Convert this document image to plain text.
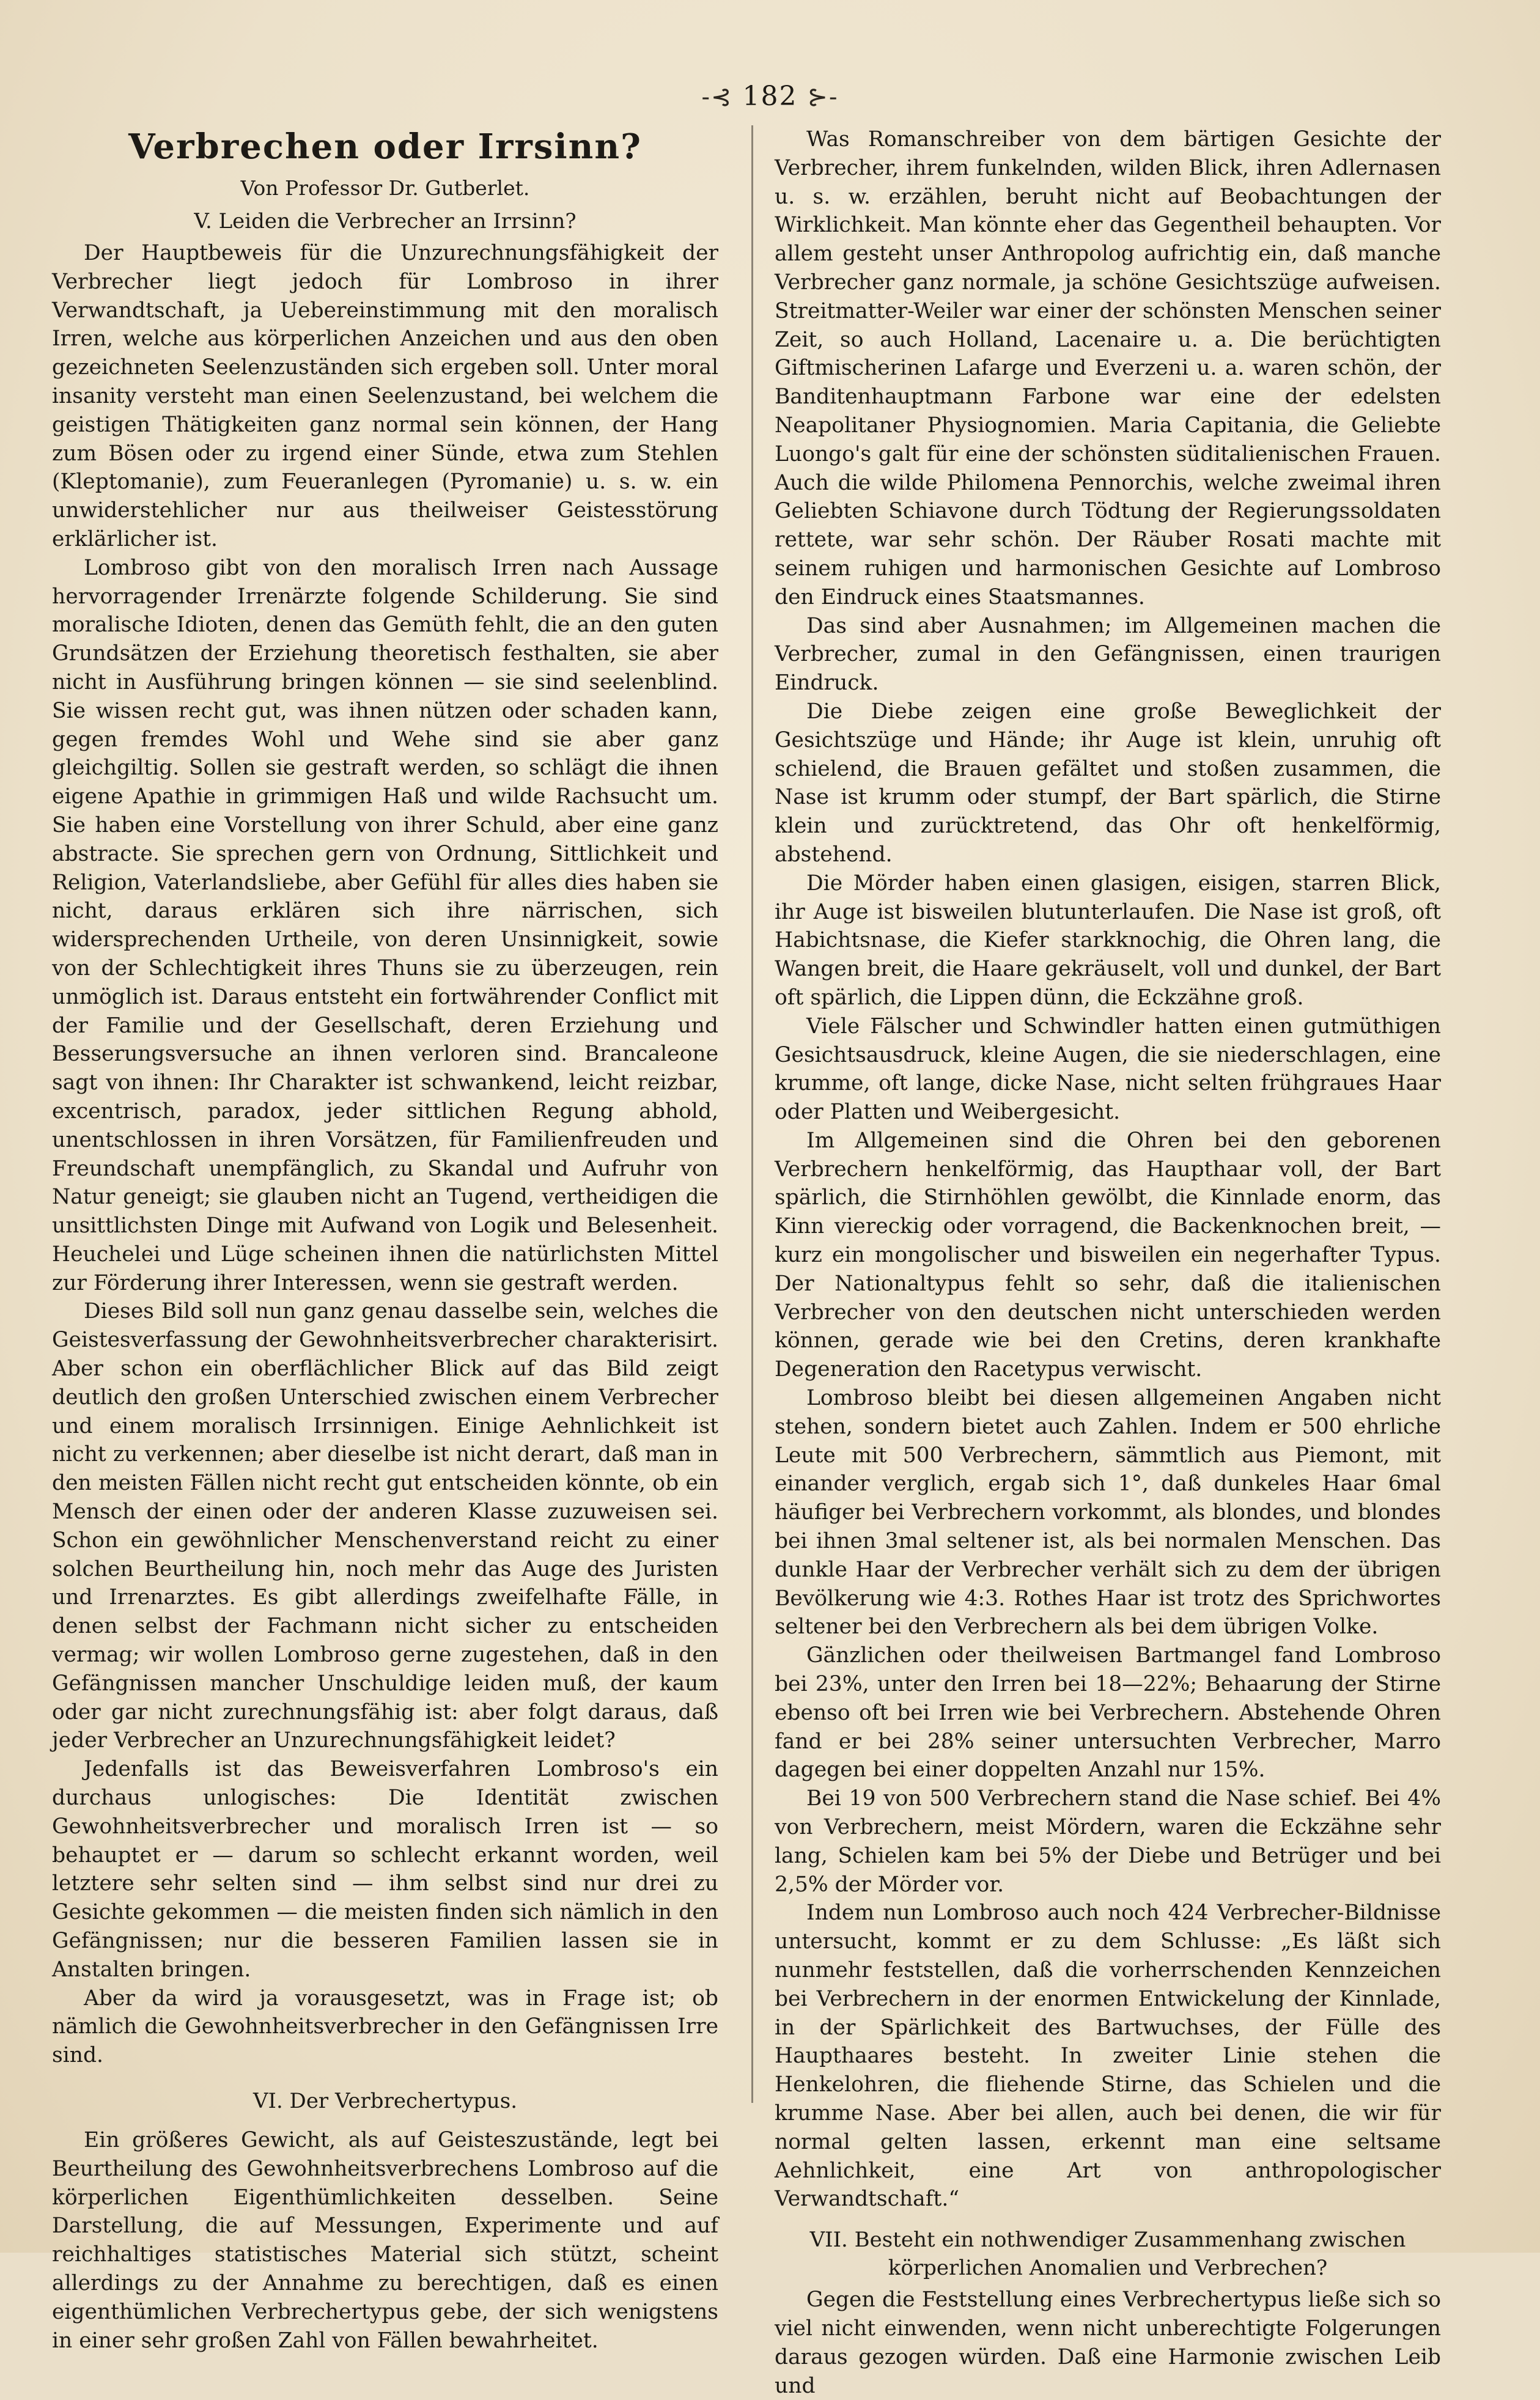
-⊰ 182 ⊱-
Verbrechen oder Irrsinn?
Von Professor Dr. Gutberlet.
V. Leiden die Verbrecher an Irrsinn?

Der Hauptbeweis für die Unzurechnungsfähigkeit der Verbrecher liegt jedoch für Lombroso in ihrer Verwandtschaft, ja Uebereinstimmung mit den moralisch Irren, welche aus körperlichen Anzeichen und aus den oben gezeichneten Seelenzuständen sich ergeben soll. Unter moral insanity versteht man einen Seelenzustand, bei welchem die geistigen Thätigkeiten ganz normal sein können, der Hang zum Bösen oder zu irgend einer Sünde, etwa zum Stehlen (Kleptomanie), zum Feueranlegen (Pyromanie) u. s. w. ein unwiderstehlicher nur aus theilweiser Geistesstörung erklärlicher ist.

Lombroso gibt von den moralisch Irren nach Aussage hervorragender Irrenärzte folgende Schilderung. Sie sind moralische Idioten, denen das Gemüth fehlt, die an den guten Grundsätzen der Erziehung theoretisch festhalten, sie aber nicht in Ausführung bringen können — sie sind seelenblind. Sie wissen recht gut, was ihnen nützen oder schaden kann, gegen fremdes Wohl und Wehe sind sie aber ganz gleichgiltig. Sollen sie gestraft werden, so schlägt die ihnen eigene Apathie in grimmigen Haß und wilde Rachsucht um. Sie haben eine Vorstellung von ihrer Schuld, aber eine ganz abstracte. Sie sprechen gern von Ordnung, Sittlichkeit und Religion, Vaterlandsliebe, aber Gefühl für alles dies haben sie nicht, daraus erklären sich ihre närrischen, sich widersprechenden Urtheile, von deren Unsinnigkeit, sowie von der Schlechtigkeit ihres Thuns sie zu überzeugen, rein unmöglich ist. Daraus entsteht ein fortwährender Conflict mit der Familie und der Gesellschaft, deren Erziehung und Besserungsversuche an ihnen verloren sind. Brancaleone sagt von ihnen: Ihr Charakter ist schwankend, leicht reizbar, excentrisch, paradox, jeder sittlichen Regung abhold, unentschlossen in ihren Vorsätzen, für Familienfreuden und Freundschaft unempfänglich, zu Skandal und Aufruhr von Natur geneigt; sie glauben nicht an Tugend, vertheidigen die unsittlichsten Dinge mit Aufwand von Logik und Belesenheit. Heuchelei und Lüge scheinen ihnen die natürlichsten Mittel zur Förderung ihrer Interessen, wenn sie gestraft werden.

Dieses Bild soll nun ganz genau dasselbe sein, welches die Geistesverfassung der Gewohnheitsverbrecher charakterisirt. Aber schon ein oberflächlicher Blick auf das Bild zeigt deutlich den großen Unterschied zwischen einem Verbrecher und einem moralisch Irrsinnigen. Einige Aehnlichkeit ist nicht zu verkennen; aber dieselbe ist nicht derart, daß man in den meisten Fällen nicht recht gut entscheiden könnte, ob ein Mensch der einen oder der anderen Klasse zuzuweisen sei. Schon ein gewöhnlicher Menschenverstand reicht zu einer solchen Beurtheilung hin, noch mehr das Auge des Juristen und Irrenarztes. Es gibt allerdings zweifelhafte Fälle, in denen selbst der Fachmann nicht sicher zu entscheiden vermag; wir wollen Lombroso gerne zugestehen, daß in den Gefängnissen mancher Unschuldige leiden muß, der kaum oder gar nicht zurechnungsfähig ist: aber folgt daraus, daß jeder Verbrecher an Unzurechnungsfähigkeit leidet?

Jedenfalls ist das Beweisverfahren Lombroso's ein durchaus unlogisches: Die Identität zwischen Gewohnheitsverbrecher und moralisch Irren ist — so behauptet er — darum so schlecht erkannt worden, weil letztere sehr selten sind — ihm selbst sind nur drei zu Gesichte gekommen — die meisten finden sich nämlich in den Gefängnissen; nur die besseren Familien lassen sie in Anstalten bringen.

Aber da wird ja vorausgesetzt, was in Frage ist; ob nämlich die Gewohnheitsverbrecher in den Gefängnissen Irre sind.

VI. Der Verbrechertypus.

Ein größeres Gewicht, als auf Geisteszustände, legt bei Beurtheilung des Gewohnheitsverbrechens Lombroso auf die körperlichen Eigenthümlichkeiten desselben. Seine Darstellung, die auf Messungen, Experimente und auf reichhaltiges statistisches Material sich stützt, scheint allerdings zu der Annahme zu berechtigen, daß es einen eigenthümlichen Verbrechertypus gebe, der sich wenigstens in einer sehr großen Zahl von Fällen bewahrheitet.

Was Romanschreiber von dem bärtigen Gesichte der Verbrecher, ihrem funkelnden, wilden Blick, ihren Adlernasen u. s. w. erzählen, beruht nicht auf Beobachtungen der Wirklichkeit. Man könnte eher das Gegentheil behaupten. Vor allem gesteht unser Anthropolog aufrichtig ein, daß manche Verbrecher ganz normale, ja schöne Gesichtszüge aufweisen. Streitmatter-Weiler war einer der schönsten Menschen seiner Zeit, so auch Holland, Lacenaire u. a. Die berüchtigten Giftmischerinen Lafarge und Everzeni u. a. waren schön, der Banditenhauptmann Farbone war eine der edelsten Neapolitaner Physiognomien. Maria Capitania, die Geliebte Luongo's galt für eine der schönsten süditalienischen Frauen. Auch die wilde Philomena Pennorchis, welche zweimal ihren Geliebten Schiavone durch Tödtung der Regierungssoldaten rettete, war sehr schön. Der Räuber Rosati machte mit seinem ruhigen und harmonischen Gesichte auf Lombroso den Eindruck eines Staatsmannes.

Das sind aber Ausnahmen; im Allgemeinen machen die Verbrecher, zumal in den Gefängnissen, einen traurigen Eindruck.

Die Diebe zeigen eine große Beweglichkeit der Gesichtszüge und Hände; ihr Auge ist klein, unruhig oft schielend, die Brauen gefältet und stoßen zusammen, die Nase ist krumm oder stumpf, der Bart spärlich, die Stirne klein und zurücktretend, das Ohr oft henkelförmig, abstehend.

Die Mörder haben einen glasigen, eisigen, starren Blick, ihr Auge ist bisweilen blutunterlaufen. Die Nase ist groß, oft Habichtsnase, die Kiefer starkknochig, die Ohren lang, die Wangen breit, die Haare gekräuselt, voll und dunkel, der Bart oft spärlich, die Lippen dünn, die Eckzähne groß.

Viele Fälscher und Schwindler hatten einen gutmüthigen Gesichtsausdruck, kleine Augen, die sie niederschlagen, eine krumme, oft lange, dicke Nase, nicht selten frühgraues Haar oder Platten und Weibergesicht.

Im Allgemeinen sind die Ohren bei den geborenen Verbrechern henkelförmig, das Haupthaar voll, der Bart spärlich, die Stirnhöhlen gewölbt, die Kinnlade enorm, das Kinn viereckig oder vorragend, die Backenknochen breit, — kurz ein mongolischer und bisweilen ein negerhafter Typus. Der Nationaltypus fehlt so sehr, daß die italienischen Verbrecher von den deutschen nicht unterschieden werden können, gerade wie bei den Cretins, deren krankhafte Degeneration den Racetypus verwischt.

Lombroso bleibt bei diesen allgemeinen Angaben nicht stehen, sondern bietet auch Zahlen. Indem er 500 ehrliche Leute mit 500 Verbrechern, sämmtlich aus Piemont, mit einander verglich, ergab sich 1°, daß dunkeles Haar 6mal häufiger bei Verbrechern vorkommt, als blondes, und blondes bei ihnen 3mal seltener ist, als bei normalen Menschen. Das dunkle Haar der Verbrecher verhält sich zu dem der übrigen Bevölkerung wie 4:3. Rothes Haar ist trotz des Sprichwortes seltener bei den Verbrechern als bei dem übrigen Volke.

Gänzlichen oder theilweisen Bartmangel fand Lombroso bei 23%, unter den Irren bei 18—22%; Behaarung der Stirne ebenso oft bei Irren wie bei Verbrechern. Abstehende Ohren fand er bei 28% seiner untersuchten Verbrecher, Marro dagegen bei einer doppelten Anzahl nur 15%.

Bei 19 von 500 Verbrechern stand die Nase schief. Bei 4% von Verbrechern, meist Mördern, waren die Eckzähne sehr lang, Schielen kam bei 5% der Diebe und Betrüger und bei 2,5% der Mörder vor.

Indem nun Lombroso auch noch 424 Verbrecher-Bildnisse untersucht, kommt er zu dem Schlusse: „Es läßt sich nunmehr feststellen, daß die vorherrschenden Kennzeichen bei Verbrechern in der enormen Entwickelung der Kinnlade, in der Spärlichkeit des Bartwuchses, der Fülle des Haupthaares besteht. In zweiter Linie stehen die Henkelohren, die fliehende Stirne, das Schielen und die krumme Nase. Aber bei allen, auch bei denen, die wir für normal gelten lassen, erkennt man eine seltsame Aehnlichkeit, eine Art von anthropologischer Verwandtschaft.“

VII. Besteht ein nothwendiger Zusammenhang zwischen körperlichen Anomalien und Verbrechen?

Gegen die Feststellung eines Verbrechertypus ließe sich so viel nicht einwenden, wenn nicht unberechtigte Folgerungen daraus gezogen würden. Daß eine Harmonie zwischen Leib und
